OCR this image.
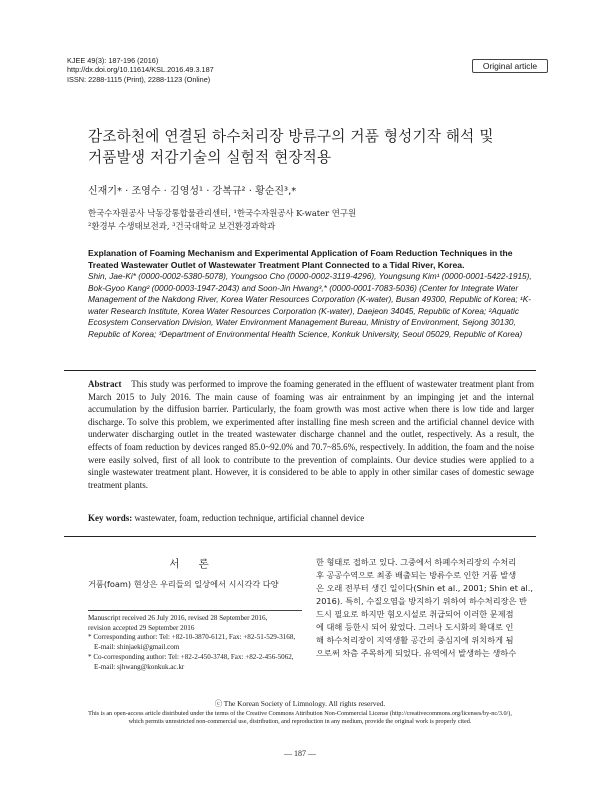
KJEE 49(3): 187-196 (2016)
http://dx.doi.org/10.11614/KSL.2016.49.3.187
ISSN: 2288-1115 (Print), 2288-1123 (Online)
Original article
감조하천에 연결된 하수처리장 방류구의 거품 형성기작 해석 및
거품발생 저감기술의 실험적 현장적용
신재기* · 조영수 · 김영성¹ · 강복규² · 황순진³,*
한국수자원공사 낙동강통합물관리센터, ¹한국수자원공사 K-water 연구원
²환경부 수생태보전과, ³건국대학교 보건환경과학과
Explanation of Foaming Mechanism and Experimental Application of Foam Reduction Techniques in the Treated Wastewater Outlet of Wastewater Treatment Plant Connected to a Tidal River, Korea.
Shin, Jae-Ki* (0000-0002-5380-5078), Youngsoo Cho (0000-0002-3119-4296), Youngsung Kim¹ (0000-0001-5422-1915), Bok-Gyoo Kang² (0000-0003-1947-2043) and Soon-Jin Hwang³,* (0000-0001-7083-5036) (Center for Integrate Water Management of the Nakdong River, Korea Water Resources Corporation (K-water), Busan 49300, Republic of Korea; ¹K-water Research Institute, Korea Water Resources Corporation (K-water), Daejeon 34045, Republic of Korea; ²Aquatic Ecosystem Conservation Division, Water Environment Management Bureau, Ministry of Environment, Sejong 30130, Republic of Korea; ³Department of Environmental Health Science, Konkuk University, Seoul 05029, Republic of Korea)
Abstract This study was performed to improve the foaming generated in the effluent of wastewater treatment plant from March 2015 to July 2016. The main cause of foaming was air entrainment by an impinging jet and the internal accumulation by the diffusion barrier. Particularly, the foam growth was most active when there is low tide and larger discharge. To solve this problem, we experimented after installing fine mesh screen and the artificial channel device with underwater discharging outlet in the treated wastewater discharge channel and the outlet, respectively. As a result, the effects of foam reduction by devices ranged 85.0~92.0% and 70.7~85.6%, respectively. In addition, the foam and the noise were easily solved, first of all look to contribute to the prevention of complaints. Our device studies were applied to a single wastewater treatment plant. However, it is considered to be able to apply in other similar cases of domestic sewage treatment plants.
Key words: wastewater, foam, reduction technique, artificial channel device
서 론
거품(foam) 현상은 우리들의 일상에서 시시각각 다양
Manuscript received 26 July 2016, revised 28 September 2016,
revision accepted 29 September 2016
* Corresponding author: Tel: +82-10-3870-6121, Fax: +82-51-529-3168,
E-mail: shinjaeki@gmail.com
* Co-corresponding author: Tel: +82-2-450-3748, Fax: +82-2-456-5062,
E-mail: sjhwang@konkuk.ac.kr
한 형태로 접하고 있다. 그중에서 하폐수처리장의 수처리
후 공공수역으로 최종 배출되는 방류수로 인한 거품 발생
은 오래 전부터 생긴 일이다(Shin et al., 2001; Shin et al.,
2016). 특히, 수질오염을 방지하기 위하여 하수처리장은 반
드시 필요로 하지만 혐오시설로 취급되어 이러한 문제점
에 대해 등한시 되어 왔었다. 그러나 도시화의 확대로 인
해 하수처리장이 지역생활 공간의 중심지에 위치하게 됨
으로써 차츰 주목하게 되었다. 유역에서 발생하는 생하수
ⓒ The Korean Society of Limnology. All rights reserved.
This is an open-access article distributed under the terms of the Creative Commons Attribution Non-Commercial License (http://creativecommons.org/licenses/by-nc/3.0/),
which permits unrestricted non-commercial use, distribution, and reproduction in any medium, provide the original work is properly cited.
— 187 —
